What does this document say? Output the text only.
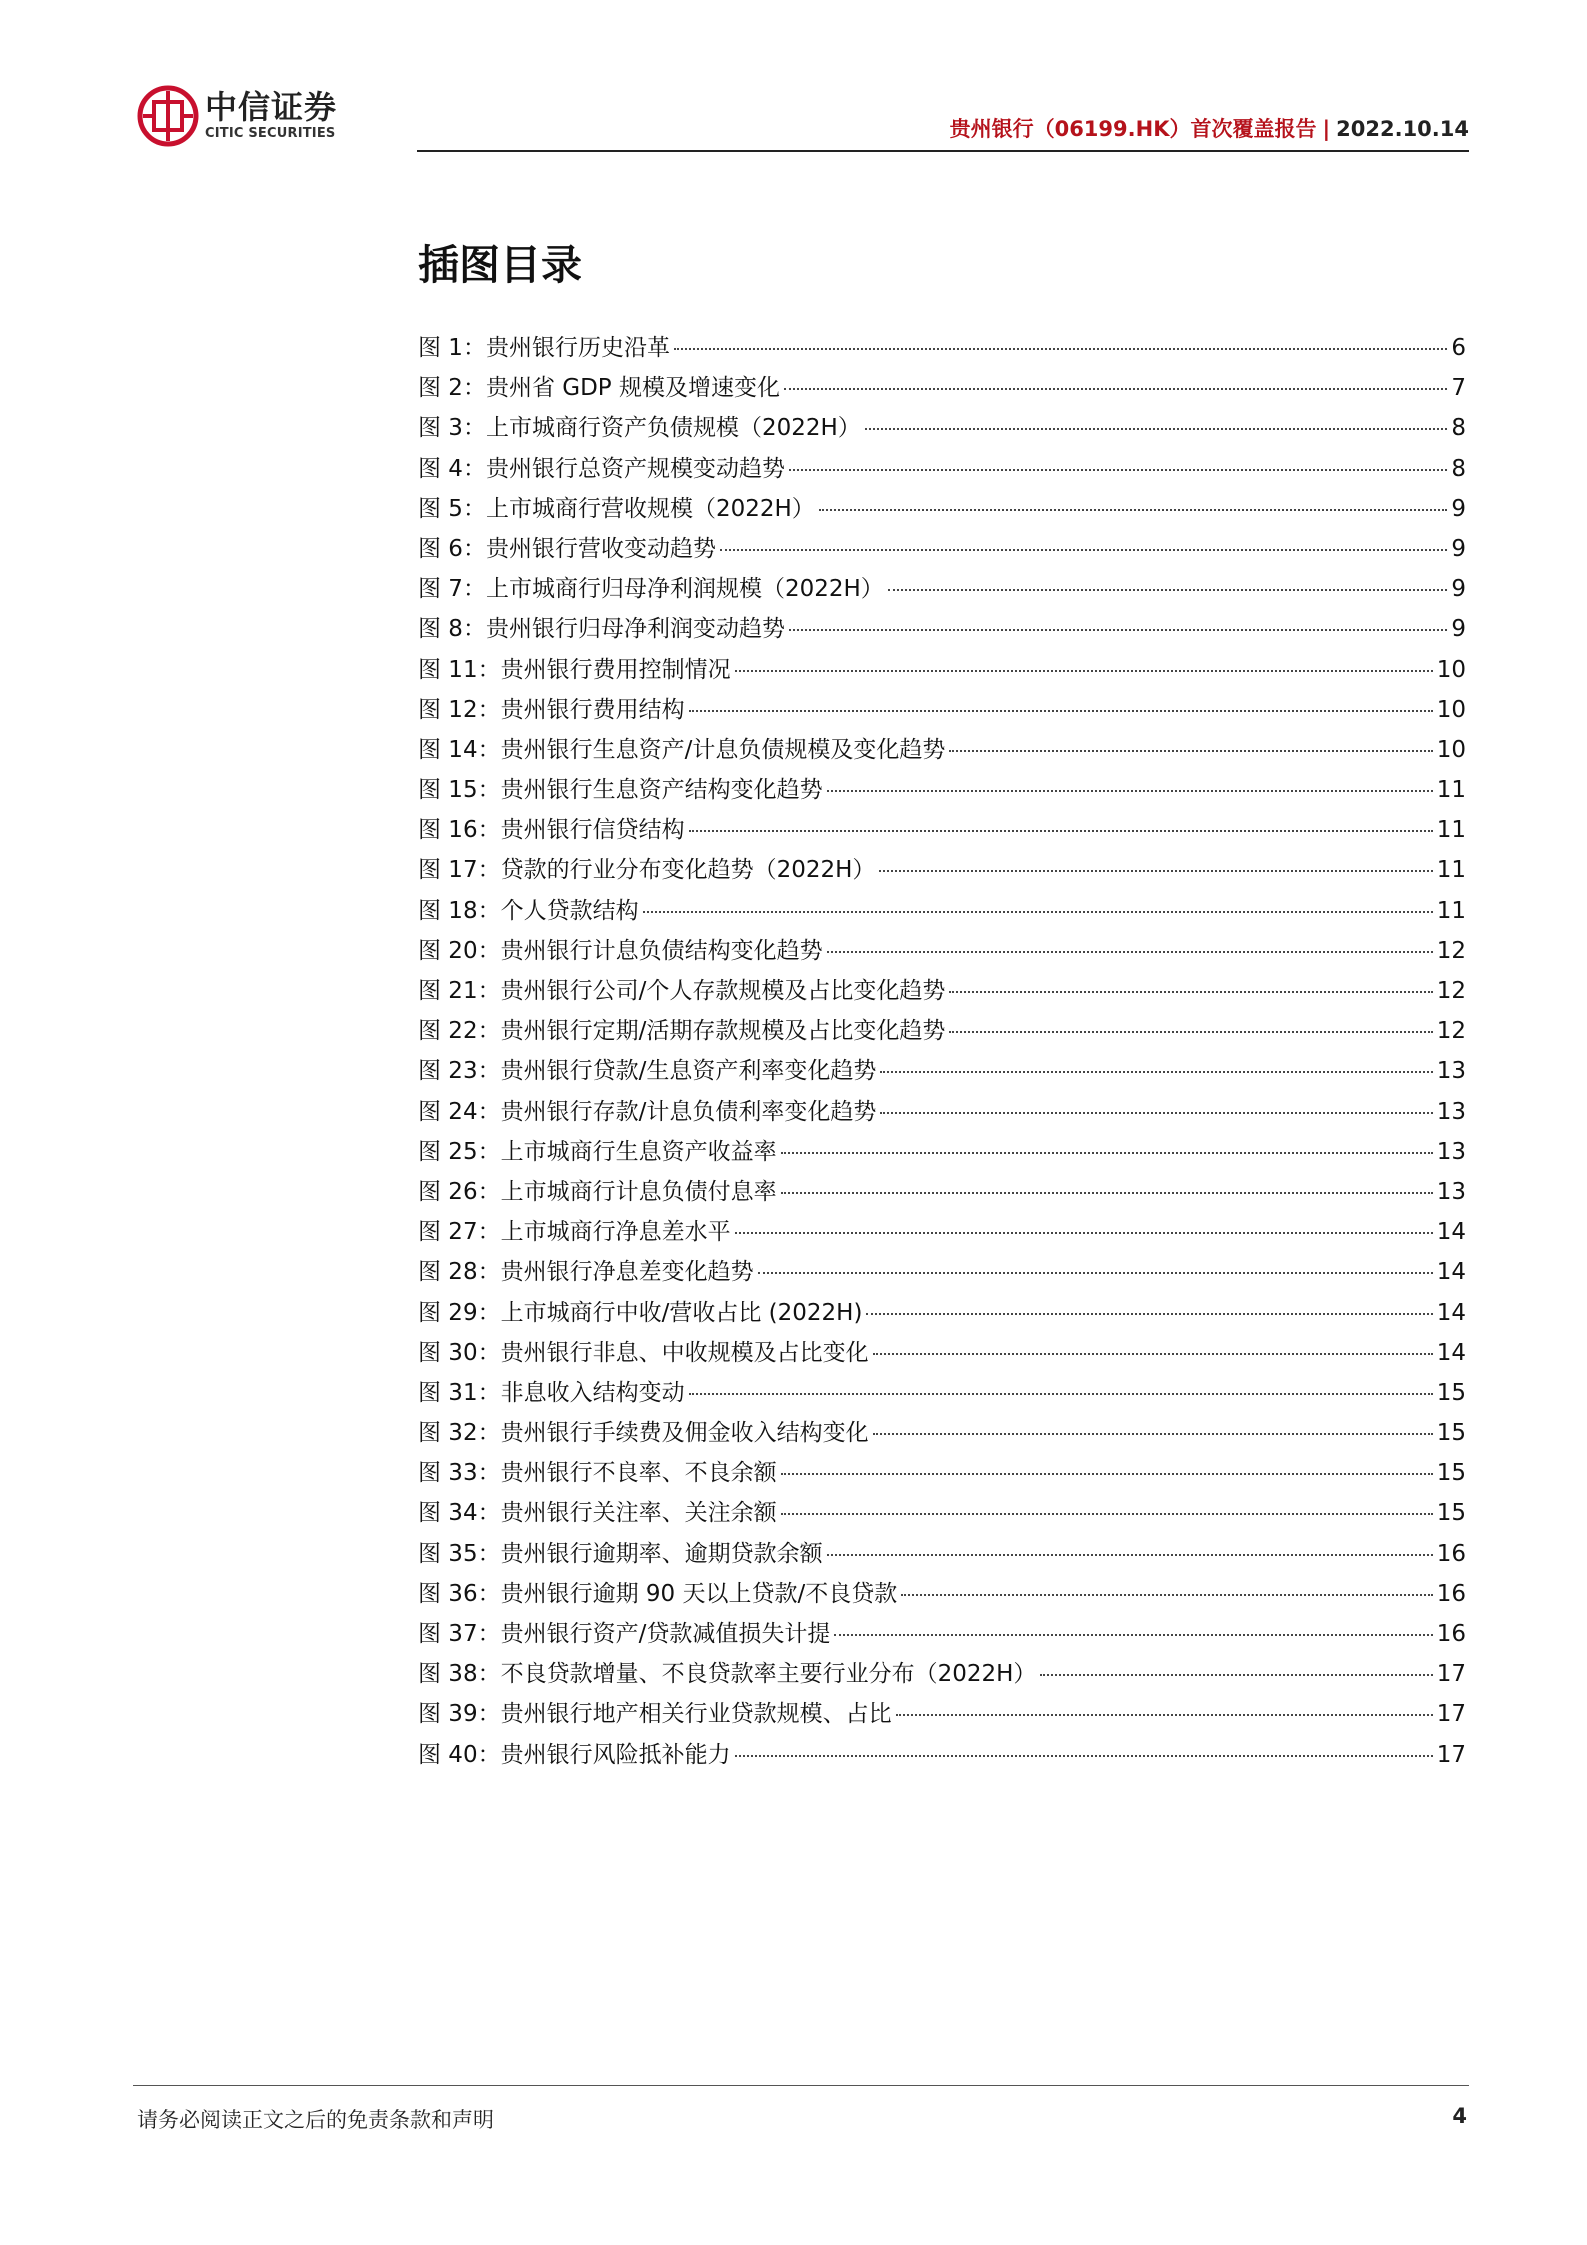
中信证券
CITIC SECURITIES	贵州银行（06199.HK）首次覆盖报告 | 2022.10.14
插图目录
图 1：贵州银行历史沿革	6
图 2：贵州省 GDP 规模及增速变化	7
图 3：上市城商行资产负债规模（2022H）	8
图 4：贵州银行总资产规模变动趋势	8
图 5：上市城商行营收规模（2022H）	9
图 6：贵州银行营收变动趋势	9
图 7：上市城商行归母净利润规模（2022H）	9
图 8：贵州银行归母净利润变动趋势	9
图 11：贵州银行费用控制情况	10
图 12：贵州银行费用结构	10
图 14：贵州银行生息资产/计息负债规模及变化趋势	10
图 15：贵州银行生息资产结构变化趋势	11
图 16：贵州银行信贷结构	11
图 17：贷款的行业分布变化趋势（2022H）	11
图 18：个人贷款结构	11
图 20：贵州银行计息负债结构变化趋势	12
图 21：贵州银行公司/个人存款规模及占比变化趋势	12
图 22：贵州银行定期/活期存款规模及占比变化趋势	12
图 23：贵州银行贷款/生息资产利率变化趋势	13
图 24：贵州银行存款/计息负债利率变化趋势	13
图 25：上市城商行生息资产收益率	13
图 26：上市城商行计息负债付息率	13
图 27：上市城商行净息差水平	14
图 28：贵州银行净息差变化趋势	14
图 29：上市城商行中收/营收占比 (2022H)	14
图 30：贵州银行非息、中收规模及占比变化	14
图 31：非息收入结构变动	15
图 32：贵州银行手续费及佣金收入结构变化	15
图 33：贵州银行不良率、不良余额	15
图 34：贵州银行关注率、关注余额	15
图 35：贵州银行逾期率、逾期贷款余额	16
图 36：贵州银行逾期 90 天以上贷款/不良贷款	16
图 37：贵州银行资产/贷款减值损失计提	16
图 38：不良贷款增量、不良贷款率主要行业分布（2022H）	17
图 39：贵州银行地产相关行业贷款规模、占比	17
图 40：贵州银行风险抵补能力	17
请务必阅读正文之后的免责条款和声明	4
